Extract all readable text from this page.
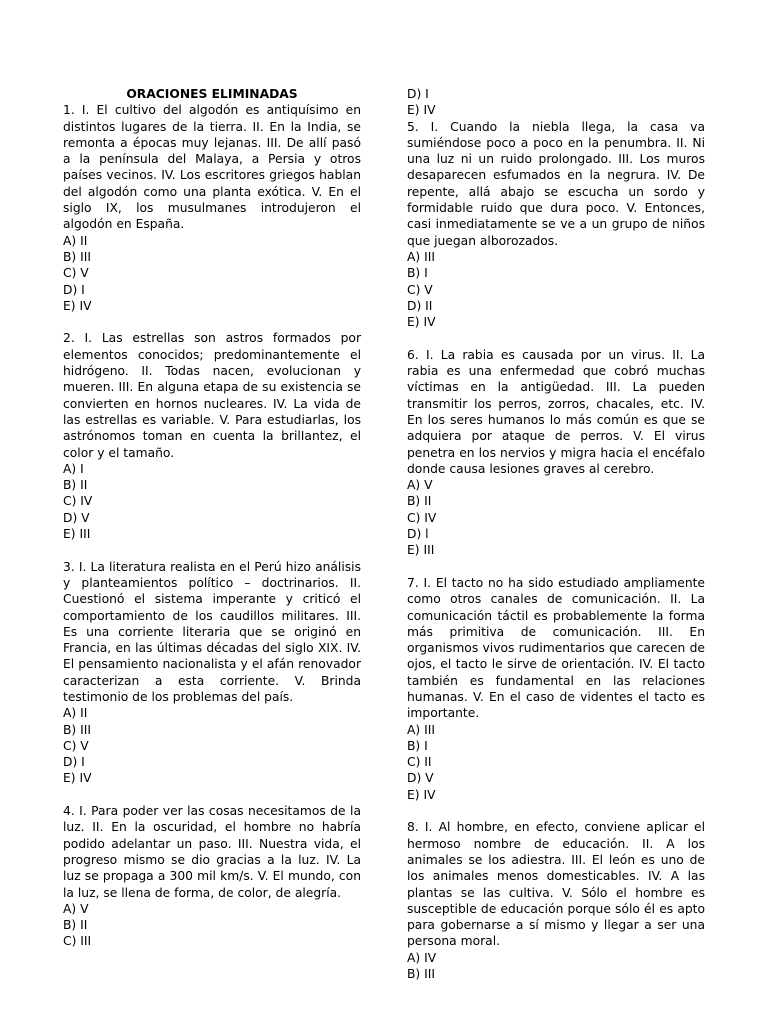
ORACIONES ELIMINADAS
1. I. El cultivo del algodón es antiquísimo en distintos lugares de la tierra. II. En la India, se remonta a épocas muy lejanas. III. De allí pasó a la península del Malaya, a Persia y otros países vecinos. IV. Los escritores griegos hablan del algodón como una planta exótica. V. En el siglo IX, los musulmanes introdujeron el algodón en España.
A) II
B) III
C) V
D) I
E) IV
2. I. Las estrellas son astros formados por elementos conocidos; predominantemente el hidrógeno. II. Todas nacen, evolucionan y mueren. III. En alguna etapa de su existencia se convierten en hornos nucleares. IV. La vida de las estrellas es variable. V. Para estudiarlas, los astrónomos toman en cuenta la brilIantez, el color y el tamaño.
A) I
B) II
C) IV
D) V
E) III
3. I. La literatura realista en el Perú hizo análisis y planteamientos político – doctrinarios. II. Cuestionó el sistema imperante y criticó el comportamiento de los caudillos militares. III. Es una corriente literaria que se originó en Francia, en las últimas décadas del siglo XIX. IV. El pensamiento nacionalista y el afán renovador caracterizan a esta corriente. V. Brinda testimonio de los problemas del país.
A) II
B) III
C) V
D) I
E) IV
4. I. Para poder ver las cosas necesitamos de la luz. II. En la oscuridad, el hombre no habría podido adelantar un paso. III. Nuestra vida, el progreso mismo se dio gracias a la luz. IV. La luz se propaga a 300 mil km/s. V. El mundo, con la luz, se llena de forma, de color, de alegría.
A) V
B) II
C) III
D) I
E) IV
5. I. Cuando la niebla llega, la casa va sumiéndose poco a poco en la penumbra. II. Ni una luz ni un ruido prolongado. III. Los muros desaparecen esfumados en la negrura. IV. De repente, allá abajo se escucha un sordo y formidable ruido que dura poco. V. Entonces, casi inmediatamente se ve a un grupo de niños que juegan alborozados.
A) III
B) I
C) V
D) II
E) IV
6. I. La rabia es causada por un virus. II. La rabia es una enfermedad que cobró muchas víctimas en la antigüedad. III. La pueden transmitir los perros, zorros, chacales, etc. IV. En los seres humanos lo más común es que se adquiera por ataque de perros. V. El virus penetra en los nervios y migra hacia el encéfalo donde causa lesiones graves al cerebro.
A) V
B) II
C) IV
D) l
E) III
7. I. El tacto no ha sido estudiado ampliamente como otros canales de comunicación. II. La comunicación táctil es probablemente la forma más primitiva de comunicación. III. En organismos vivos rudimentarios que carecen de ojos, el tacto le sirve de orientación. IV. El tacto también es fundamental en las relaciones humanas. V. En el caso de videntes el tacto es importante.
A) III
B) I
C) II
D) V
E) IV
8. I. Al hombre, en efecto, conviene aplicar el hermoso nombre de educación. II. A los animales se los adiestra. III. El león es uno de los animales menos domesticables. IV. A las plantas se las cultiva. V. Sólo el hombre es susceptible de educación porque sólo él es apto para gobernarse a sí mismo y llegar a ser una persona moral.
A) IV
B) III
